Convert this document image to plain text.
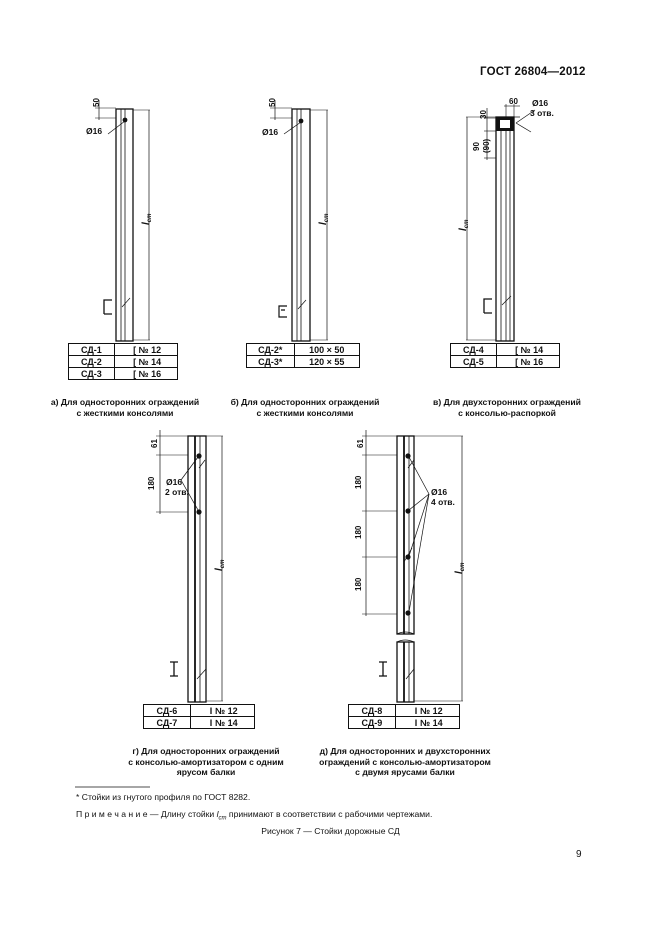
ГОСТ 26804—2012
50
Ø16
$l_{ст}$
50
Ø16
$l_{ст}$
30
60 Ø16
3 отв.
90 (90)
$l_{ст}$
61
180 Ø16
2 отв.
$l_{ст}$
61
180
180
180
Ø16
4 отв.
$l_{ст}$
СД-1	[ № 12
СД-2	[ № 14
СД-3	[ № 16
СД-2*	100 × 50
СД-3*	120 × 55
СД-4	[ № 14
СД-5	[ № 16
СД-6	I № 12
СД-7	I № 14
СД-8	I № 12
СД-9	I № 14
а) Для односторонних ограждений
с жесткими консолями
б) Для односторонних ограждений
с жесткими консолями
в) Для двухсторонних ограждений
с консолью-распоркой
г) Для односторонних ограждений
с консолью-амортизатором с одним
ярусом балки
д) Для односторонних и двухсторонних
ограждений с консолью-амортизатором
с двумя ярусами балки
* Стойки из гнутого профиля по ГОСТ 8282.
П р и м е ч а н и е — Длину стойки $l_{ст}$ принимают в соответствии с рабочими чертежами.
Рисунок 7 — Стойки дорожные СД
9
